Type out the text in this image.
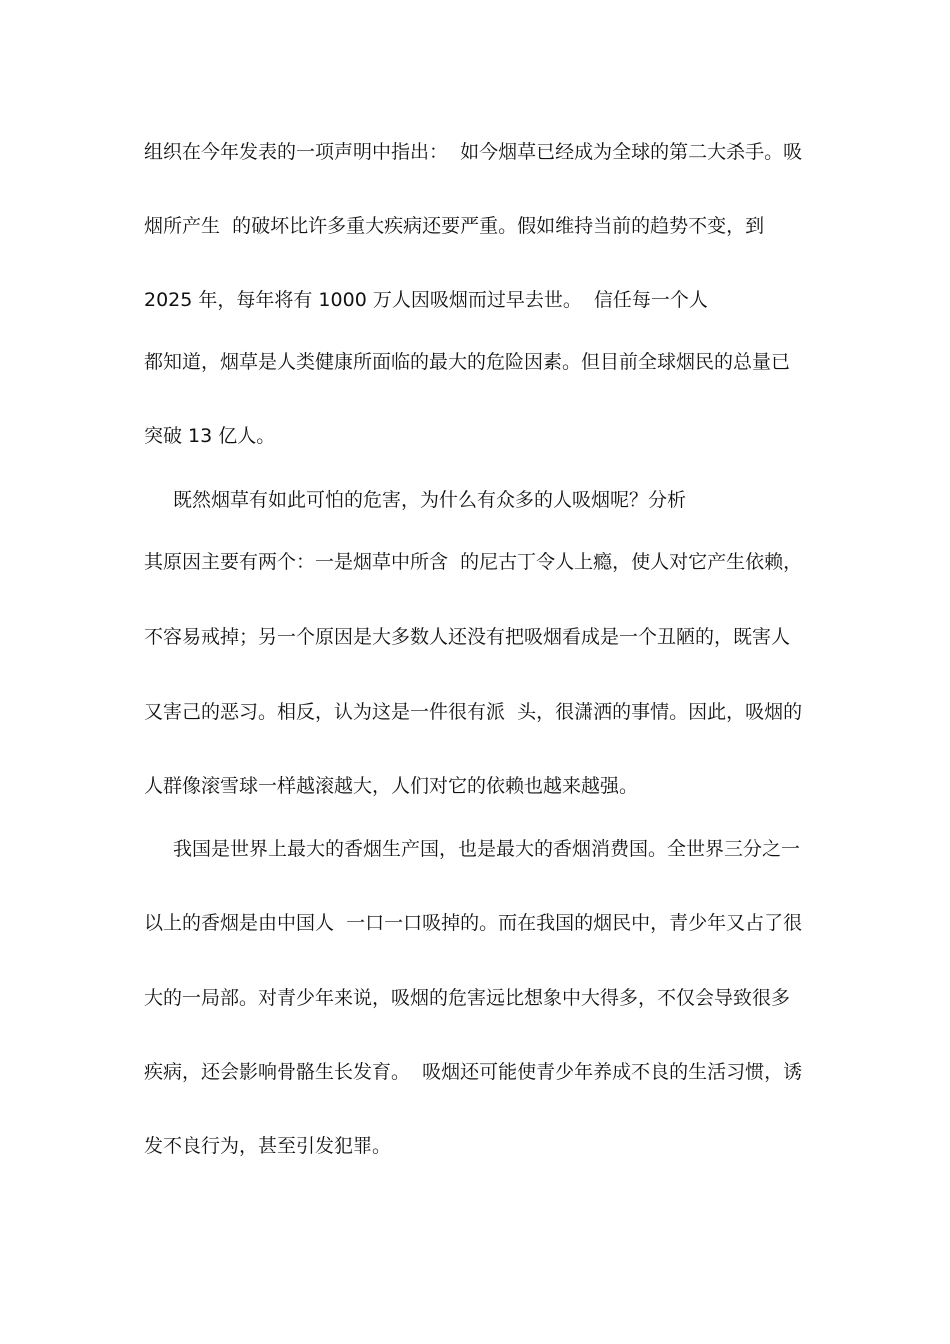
组织在今年发表的一项声明中指出：  如今烟草已经成为全球的第二大杀手。吸
烟所产生  的破坏比许多重大疾病还要严重。假如维持当前的趋势不变，到
2025 年，每年将有 1000 万人因吸烟而过早去世。  信任每一个人
都知道，烟草是人类健康所面临的最大的危险因素。但目前全球烟民的总量已
突破 13 亿人。
既然烟草有如此可怕的危害，为什么有众多的人吸烟呢？分析
其原因主要有两个：一是烟草中所含  的尼古丁令人上瘾，使人对它产生依赖，
不容易戒掉；另一个原因是大多数人还没有把吸烟看成是一个丑陋的，既害人
又害己的恶习。相反，认为这是一件很有派  头，很潇洒的事情。因此，吸烟的
人群像滚雪球一样越滚越大，人们对它的依赖也越来越强。
我国是世界上最大的香烟生产国，也是最大的香烟消费国。全世界三分之一
以上的香烟是由中国人  一口一口吸掉的。而在我国的烟民中，青少年又占了很
大的一局部。对青少年来说，吸烟的危害远比想象中大得多，不仅会导致很多
疾病，还会影响骨骼生长发育。  吸烟还可能使青少年养成不良的生活习惯，诱
发不良行为，甚至引发犯罪。
